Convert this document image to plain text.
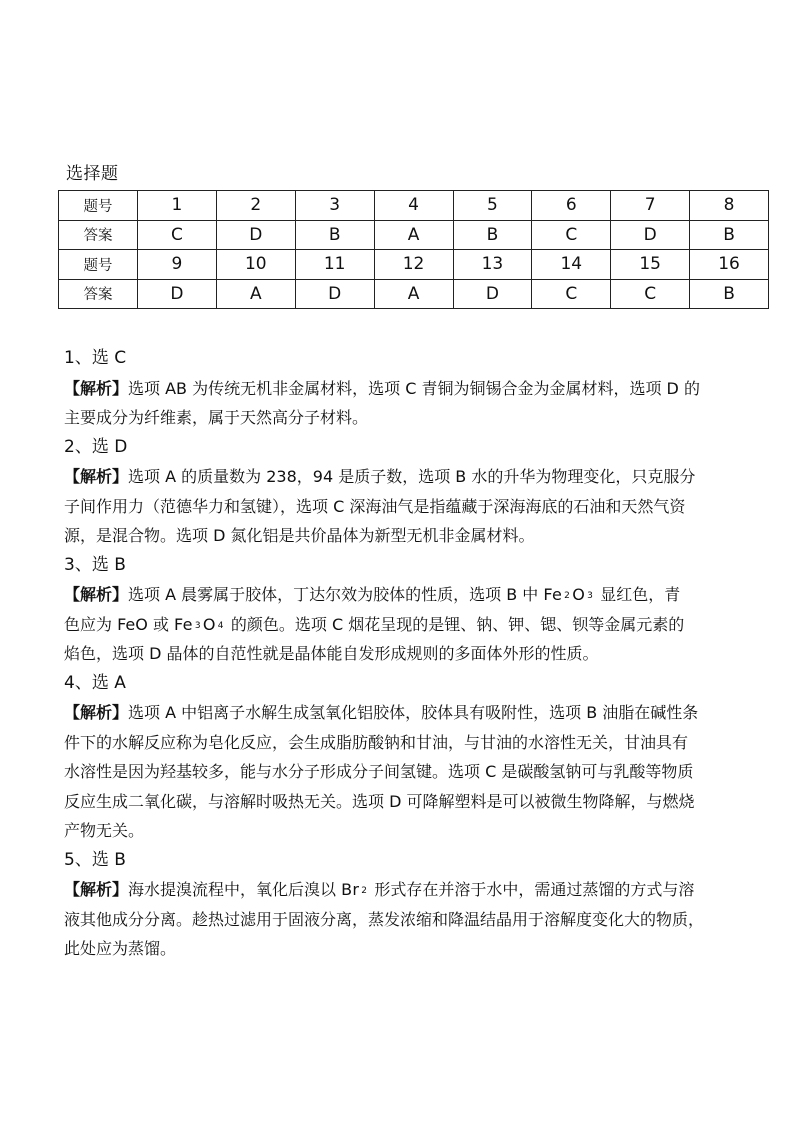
选择题
题号	1	2	3	4	5	6	7	8
答案	C	D	B	A	B	C	D	B
题号	9	10	11	12	13	14	15	16
答案	D	A	D	A	D	C	C	B
1、选 C
【解析】选项 AB 为传统无机非金属材料，选项 C 青铜为铜锡合金为金属材料，选项 D 的
主要成分为纤维素，属于天然高分子材料。
2、选 D
【解析】选项 A 的质量数为 238，94 是质子数，选项 B 水的升华为物理变化，只克服分
子间作用力（范德华力和氢键），选项 C 深海油气是指蕴藏于深海海底的石油和天然气资
源，是混合物。选项 D 氮化铝是共价晶体为新型无机非金属材料。
3、选 B
【解析】选项 A 晨雾属于胶体，丁达尔效为胶体的性质，选项 B 中 Fe 2 O 3 显红色，青
色应为 FeO 或 Fe 3 O 4 的颜色。选项 C 烟花呈现的是锂、钠、钾、锶、钡等金属元素的
焰色，选项 D 晶体的自范性就是晶体能自发形成规则的多面体外形的性质。
4、选 A
【解析】选项 A 中铝离子水解生成氢氧化铝胶体，胶体具有吸附性，选项 B 油脂在碱性条
件下的水解反应称为皂化反应，会生成脂肪酸钠和甘油，与甘油的水溶性无关，甘油具有
水溶性是因为羟基较多，能与水分子形成分子间氢键。选项 C 是碳酸氢钠可与乳酸等物质
反应生成二氧化碳，与溶解时吸热无关。选项 D 可降解塑料是可以被微生物降解，与燃烧
产物无关。
5、选 B
【解析】海水提溴流程中，氧化后溴以 Br 2 形式存在并溶于水中，需通过蒸馏的方式与溶
液其他成分分离。趁热过滤用于固液分离，蒸发浓缩和降温结晶用于溶解度变化大的物质，
此处应为蒸馏。
